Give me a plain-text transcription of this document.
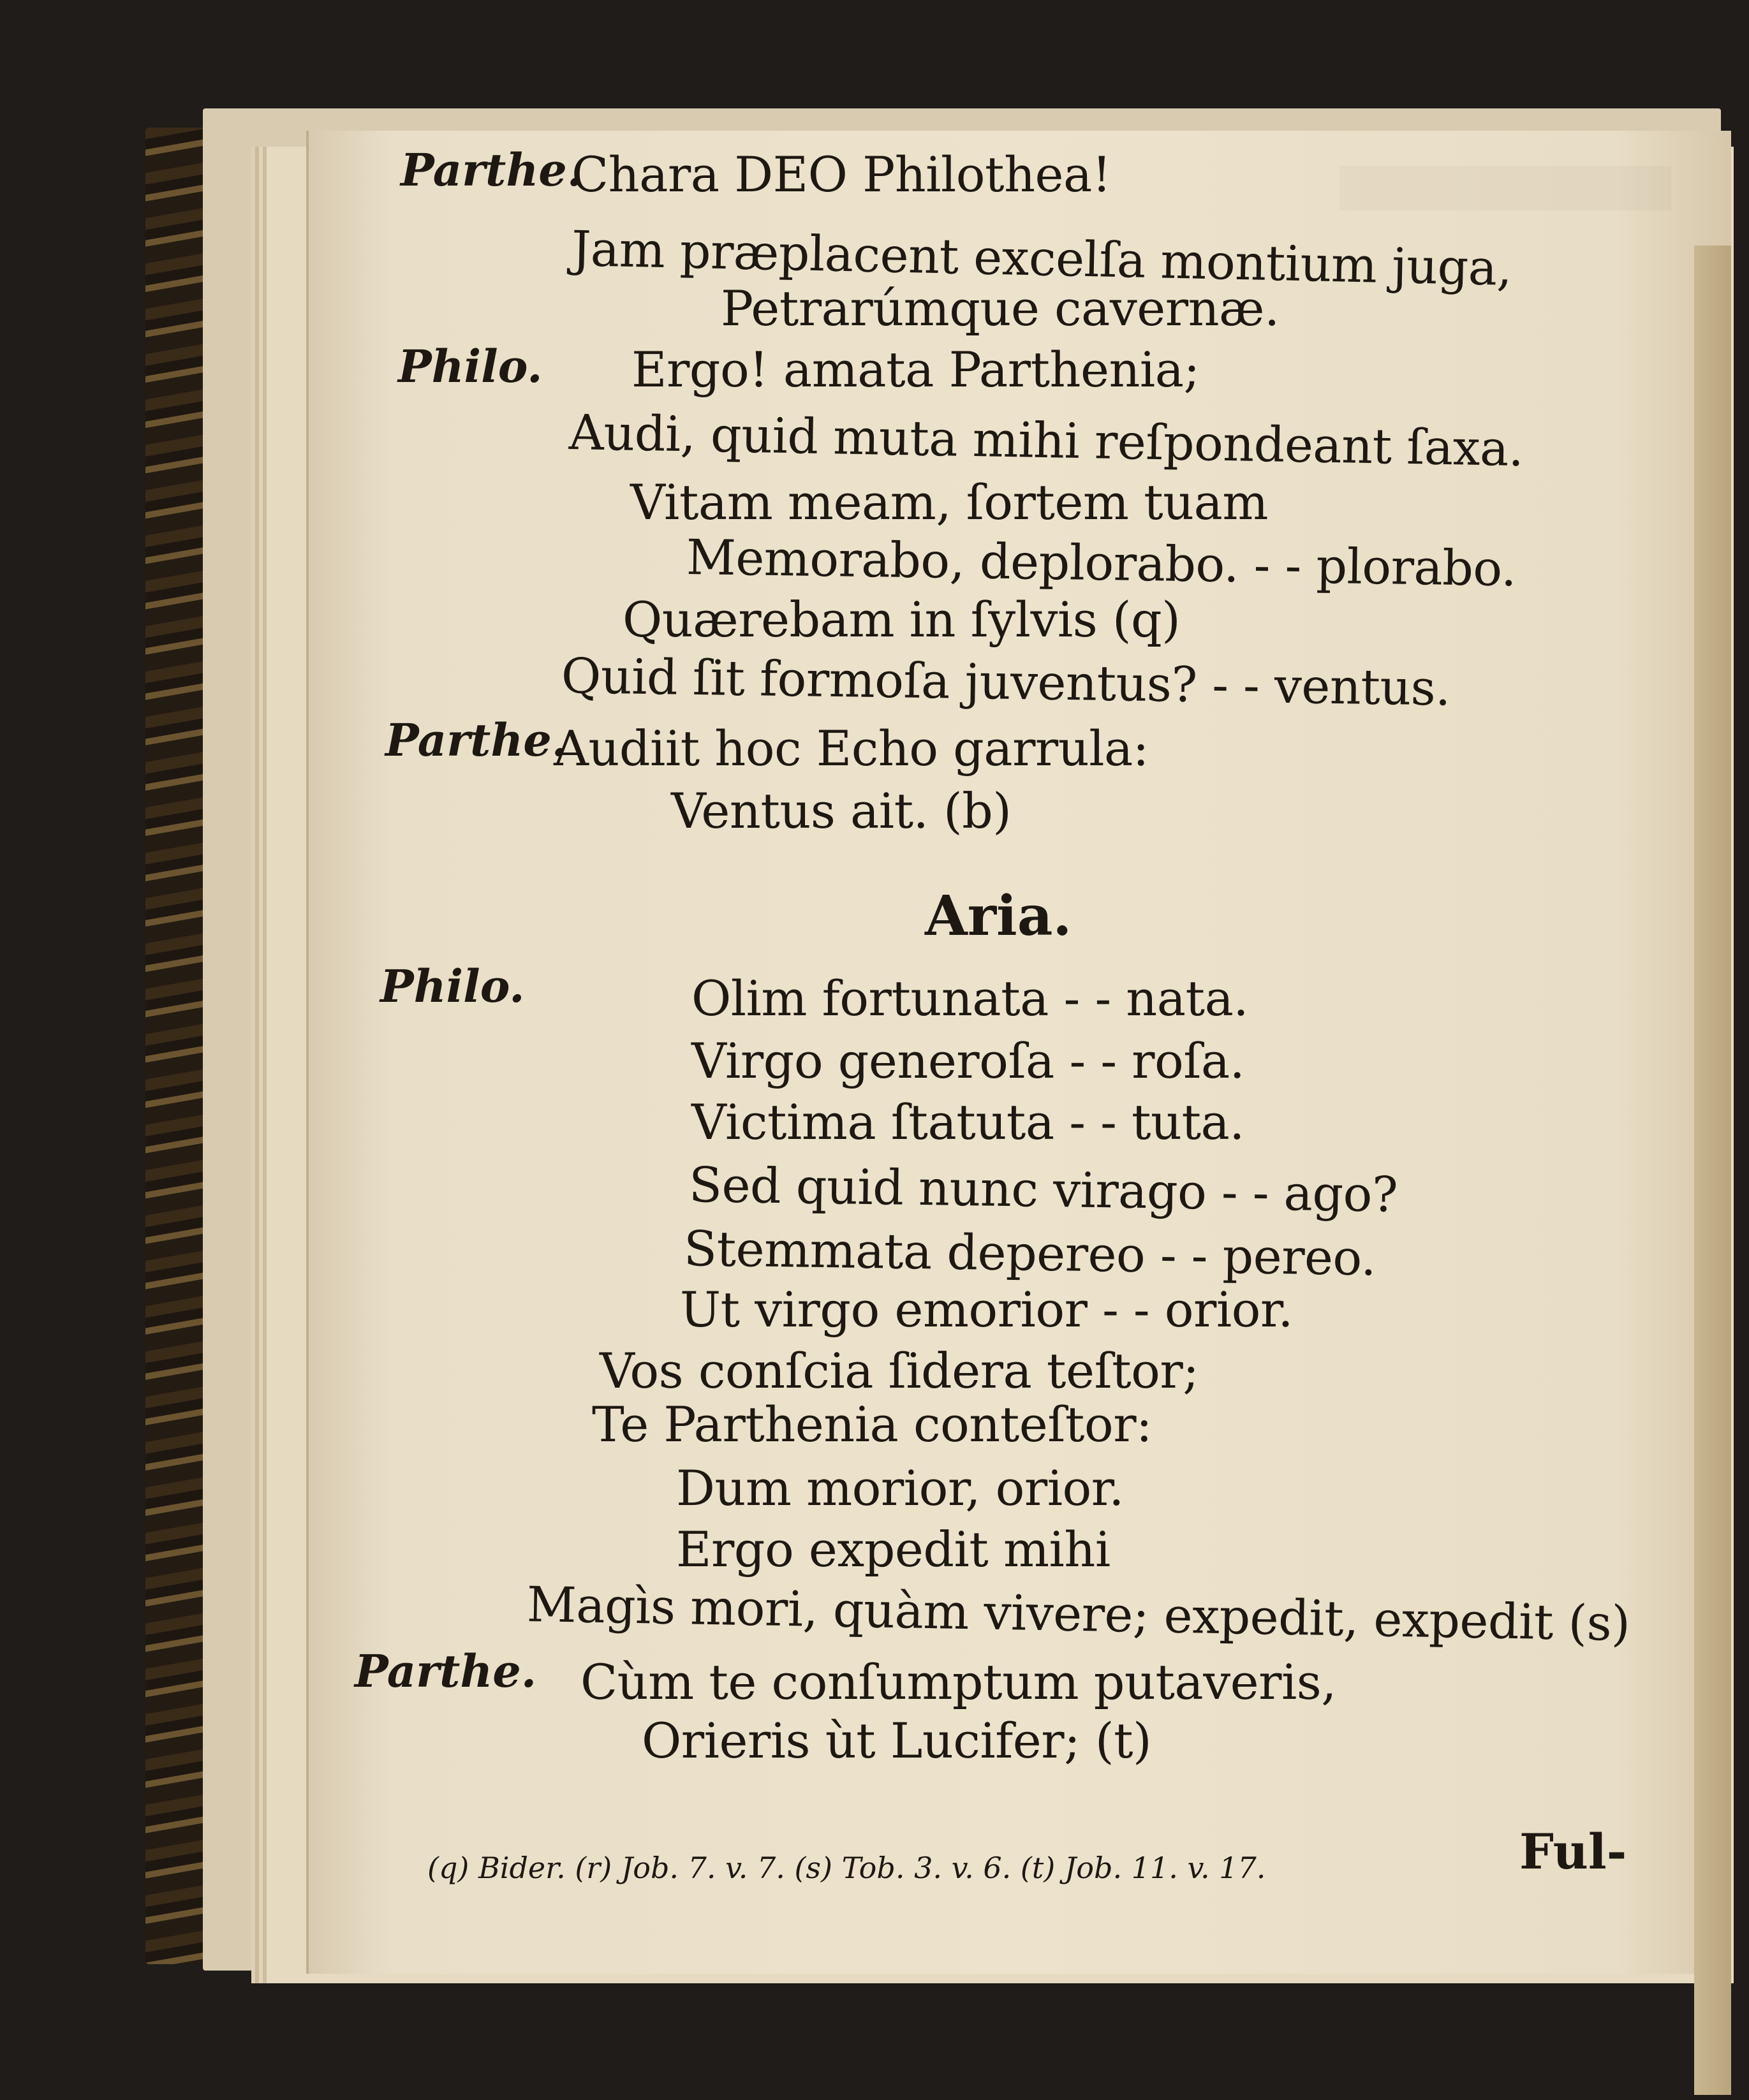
Parthe.
Chara DEO Philothea!
Jam præplacent excelſa montium juga,
Petrarúmque cavernæ.
Philo. Ergo! amata Parthenia;
Audi, quid muta mihi reſpondeant ſaxa.
Vitam meam, ſortem tuam
Memorabo, deplorabo. - - plorabo.
Quærebam in ſylvis (q)
Quid ſit formoſa juventus? - - ventus.
Parthe.
Audiit hoc Echo garrula:
Ventus ait. (b)
Aria.
Philo.	Olim fortunata - - nata.
Virgo generoſa - - roſa.
Victima ſtatuta - - tuta.
Sed quid nunc virago - - ago?
Stemmata depereo - - pereo.
Ut virgo emorior - - orior.
Vos conſcia ſidera teſtor;
Te Parthenia conteſtor:
Dum morior, orior.
Ergo expedit mihi
Magìs mori, quàm vivere; expedit, expedit (s)
Parthe. Cùm te conſumptum putaveris,
Orieris ùt Lucifer; (t)
Ful-
(q) Bider. (r) Job. 7. v. 7. (s) Tob. 3. v. 6. (t) Job. 11. v. 17.
